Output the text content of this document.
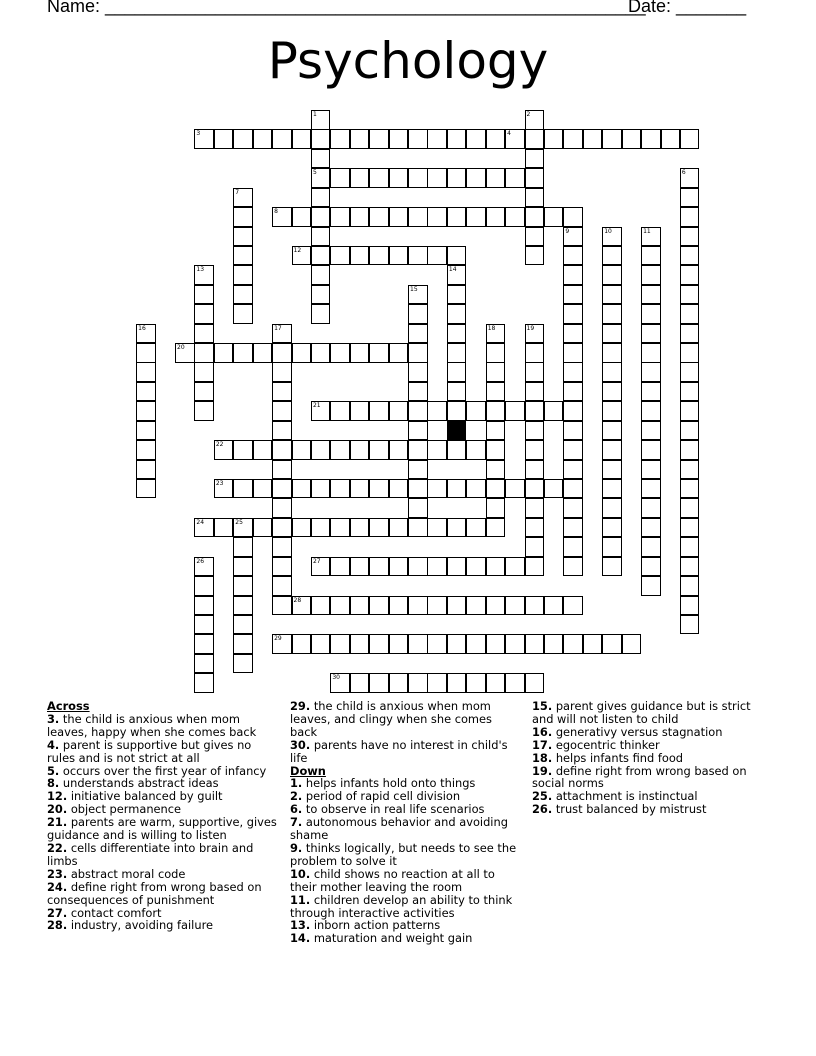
Name: ______________________________________________________
Date: _______
Psychology
1
5
2
3	4
6
7
8
9	10	11
12
13	14
15
16	17	18	19
20
21
22
23
24	25
26	27
28
29
30
Across
3. the child is anxious when mom leaves, happy when she comes back
4. parent is supportive but gives no rules and is not strict at all
5. occurs over the first year of infancy
8. understands abstract ideas
12. initiative balanced by guilt
20. object permanence
21. parents are warm, supportive, gives guidance and is willing to listen
22. cells differentiate into brain and limbs
23. abstract moral code
24. define right from wrong based on consequences of punishment
27. contact comfort
28. industry, avoiding failure
29. the child is anxious when mom leaves, and clingy when she comes back
30. parents have no interest in child's life
Down
1. helps infants hold onto things
2. period of rapid cell division
6. to observe in real life scenarios
7. autonomous behavior and avoiding shame
9. thinks logically, but needs to see the problem to solve it
10. child shows no reaction at all to their mother leaving the room
11. children develop an ability to think through interactive activities
13. inborn action patterns
14. maturation and weight gain
15. parent gives guidance but is strict and will not listen to child
16. generativy versus stagnation
17. egocentric thinker
18. helps infants find food
19. define right from wrong based on social norms
25. attachment is instinctual
26. trust balanced by mistrust
